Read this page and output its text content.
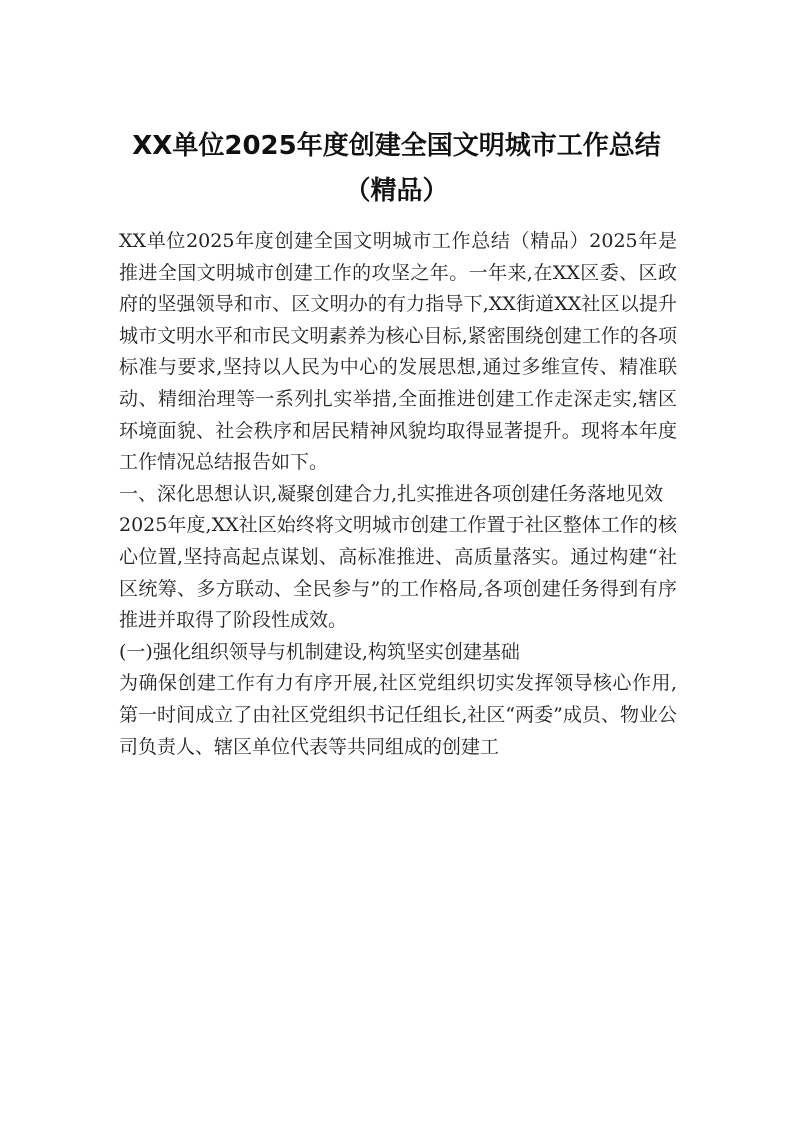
XX单位2025年度创建全国文明城市工作总结（精品）

XX单位2025年度创建全国文明城市工作总结（精品）2025年是推进全国文明城市创建工作的攻坚之年。一年来,在XX区委、区政府的坚强领导和市、区文明办的有力指导下,XX街道XX社区以提升城市文明水平和市民文明素养为核心目标,紧密围绕创建工作的各项标准与要求,坚持以人民为中心的发展思想,通过多维宣传、精准联动、精细治理等一系列扎实举措,全面推进创建工作走深走实,辖区环境面貌、社会秩序和居民精神风貌均取得显著提升。现将本年度工作情况总结报告如下。

一、深化思想认识,凝聚创建合力,扎实推进各项创建任务落地见效

2025年度,XX社区始终将文明城市创建工作置于社区整体工作的核心位置,坚持高起点谋划、高标准推进、高质量落实。通过构建“社区统筹、多方联动、全民参与”的工作格局,各项创建任务得到有序推进并取得了阶段性成效。

(一)强化组织领导与机制建设,构筑坚实创建基础

为确保创建工作有力有序开展,社区党组织切实发挥领导核心作用,第一时间成立了由社区党组织书记任组长,社区“两委”成员、物业公司负责人、辖区单位代表等共同组成的创建工
